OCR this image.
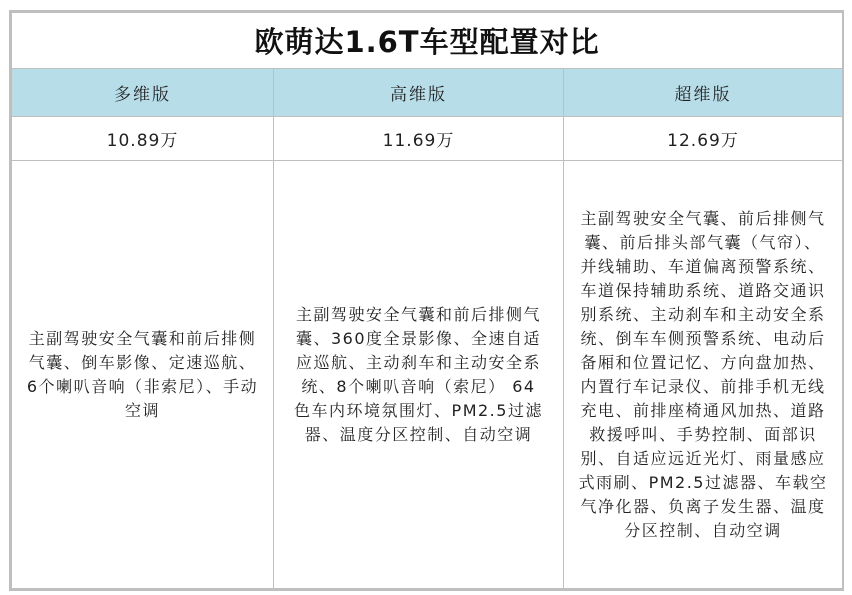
欧萌达1.6T车型配置对比		
多维版	高维版	超维版
10.89万	11.69万	12.69万

主副驾驶安全气囊和前后排侧气囊、倒车影像、定速巡航、6个喇叭音响（非索尼）、手动空调	主副驾驶安全气囊和前后排侧气囊、360度全景影像、全速自适应巡航、主动刹车和主动安全系统、8个喇叭音响（索尼） 64色车内环境氛围灯、PM2.5过滤器、温度分区控制、自动空调	主副驾驶安全气囊、前后排侧气囊、前后排头部气囊（气帘）、并线辅助、车道偏离预警系统、车道保持辅助系统、道路交通识别系统、主动刹车和主动安全系统、倒车车侧预警系统、电动后备厢和位置记忆、方向盘加热、内置行车记录仪、前排手机无线充电、前排座椅通风加热、道路救援呼叫、手势控制、面部识别、自适应远近光灯、雨量感应式雨刷、PM2.5过滤器、车载空气净化器、负离子发生器、温度分区控制、自动空调
